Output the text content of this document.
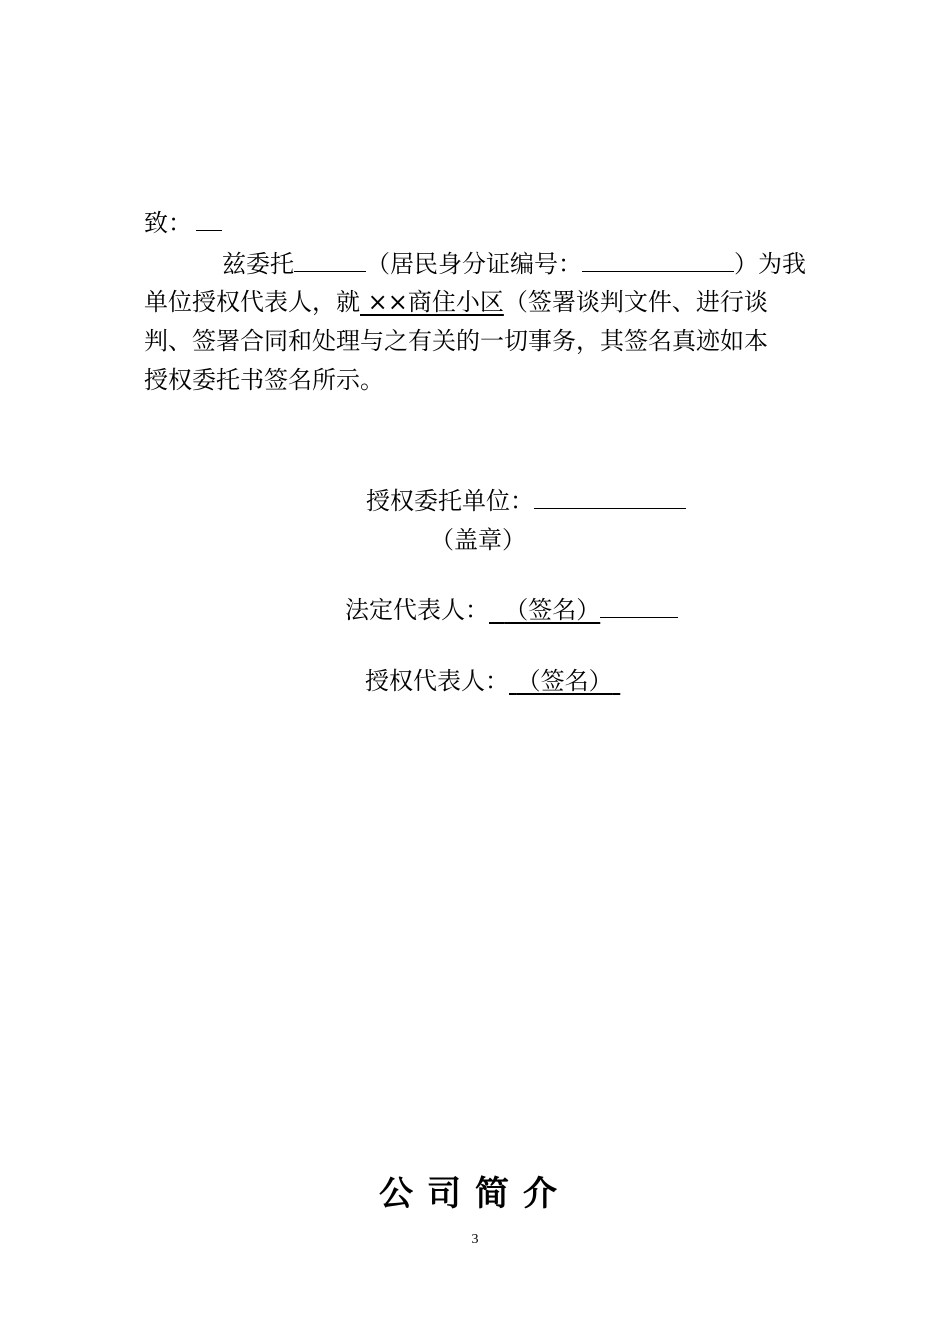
致：
兹委托	（居民身分证编号：	）为我
单位授权代表人，就 ××商住小区（签署谈判文件、进行谈
判、签署合同和处理与之有关的一切事务，其签名真迹如本
授权委托书签名所示。
授权委托单位：
（盖章）
法定代表人： （签名）
授权代表人： （签名）
公司简介
3
